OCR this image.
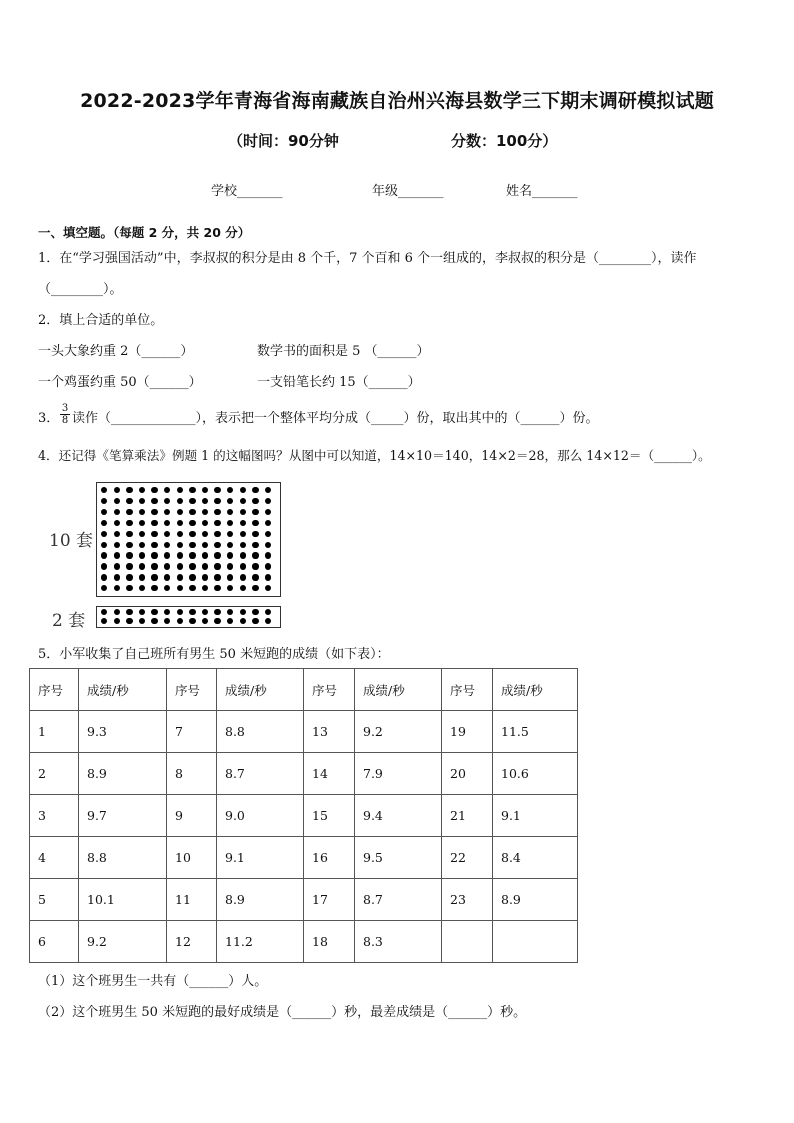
2022-2023学年青海省海南藏族自治州兴海县数学三下期末调研模拟试题
（时间：90分钟	分数：100分）
学校_______	年级_______	姓名_______
一、填空题。（每题 2 分，共 20 分）
1．在“学习强国活动”中，李叔叔的积分是由 8 个千，7 个百和 6 个一组成的，李叔叔的积分是（________），读作
（________）。
2．填上合适的单位。
一头大象约重 2（______）	数学书的面积是 5 （______）
一个鸡蛋约重 50（______）	一支铅笔长约 15（______）
3． $\frac{3}{8}$ 读作（_____________），表示把一个整体平均分成（_____）份，取出其中的（______）份。
4．还记得《笔算乘法》例题 1 的这幅图吗？从图中可以知道，14×10＝140，14×2＝28，那么 14×12＝（______）。
10 套
2 套
5．小军收集了自己班所有男生 50 米短跑的成绩（如下表）：
序号	成绩/秒	序号	成绩/秒	序号	成绩/秒	序号	成绩/秒
1	9.3	7	8.8	13	9.2	19	11.5
2	8.9	8	8.7	14	7.9	20	10.6
3	9.7	9	9.0	15	9.4	21	9.1
4	8.8	10	9.1	16	9.5	22	8.4
5	10.1	11	8.9	17	8.7	23	8.9
6	9.2	12	11.2	18	8.3		
（1）这个班男生一共有（______）人。
（2）这个班男生 50 米短跑的最好成绩是（______）秒，最差成绩是（______）秒。
